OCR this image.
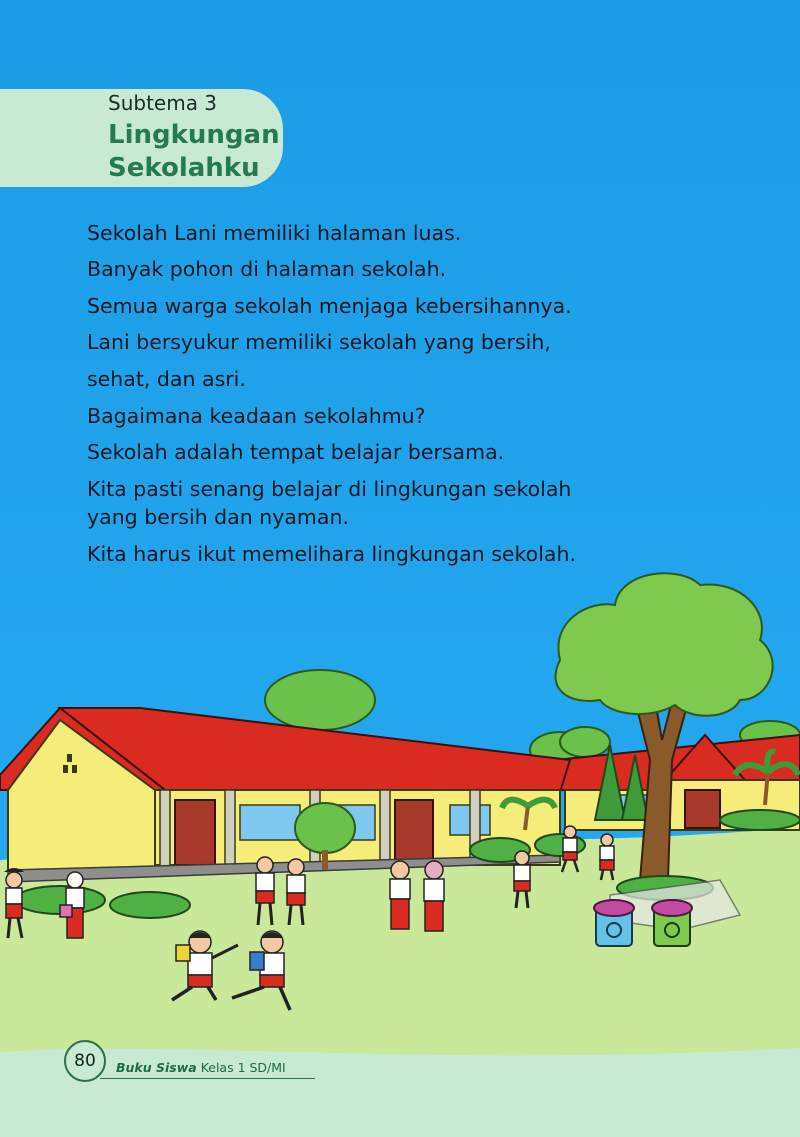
Subtema 3
Lingkungan Sekolahku
Sekolah Lani memiliki halaman luas.
Banyak pohon di halaman sekolah.
Semua warga sekolah menjaga kebersihannya.
Lani bersyukur memiliki sekolah yang bersih,
sehat, dan asri.
Bagaimana keadaan sekolahmu?
Sekolah adalah tempat belajar bersama.
Kita pasti senang belajar di lingkungan sekolah
yang bersih dan nyaman.
Kita harus ikut memelihara lingkungan sekolah.
80	Buku Siswa Kelas 1 SD/MI
